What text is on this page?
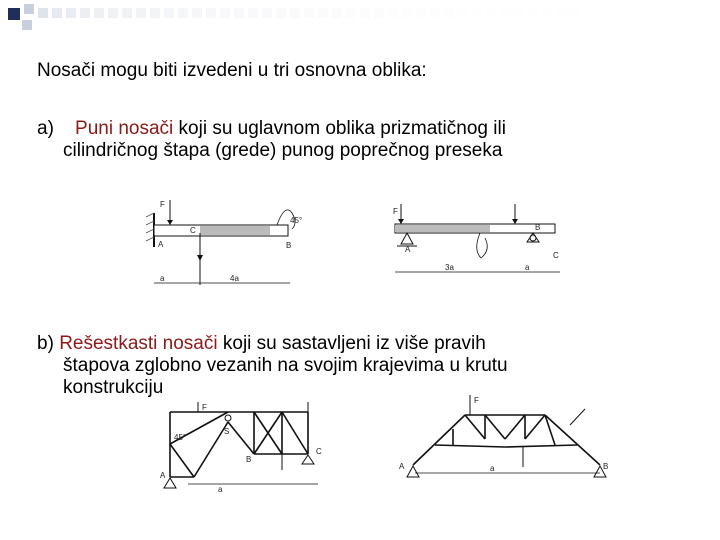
Nosači mogu biti izvedeni u tri osnovna oblika:
a) Puni nosači koji su uglavnom oblika prizmatičnog ili
cilindričnog štapa (grede) punog poprečnog preseka
F
A	B
C
a	4a
45°
F
A
B
C
3a	a
b) Rešestkasti nosači koji su sastavljeni iz više pravih
štapova zglobno vezanih na svojim krajevima u krutu
konstrukciju
F
A
B
C
S
45°
a
F
A	B
a
